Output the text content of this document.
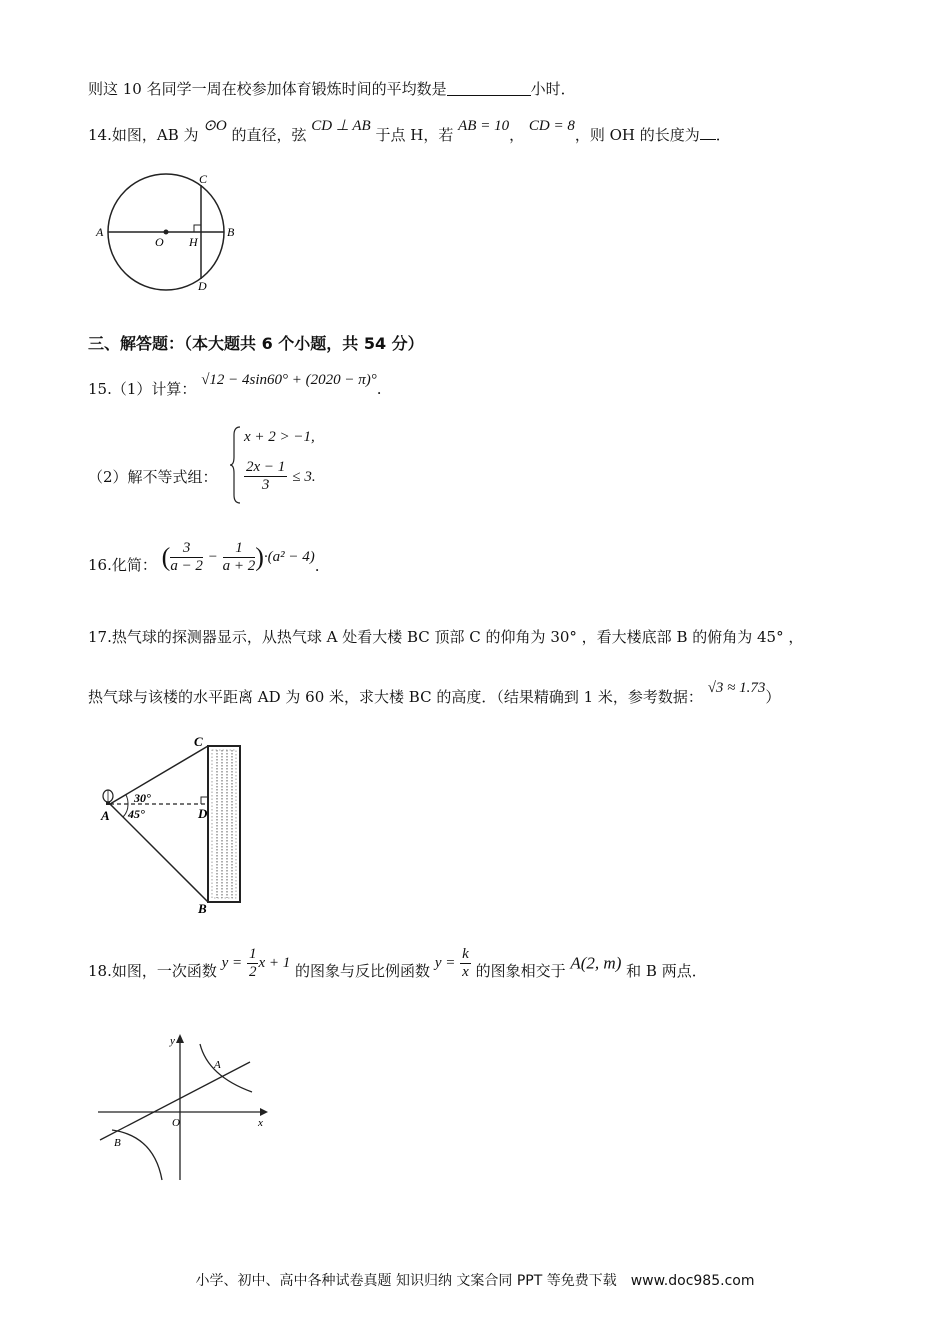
则这 10 名同学一周在校参加体育锻炼时间的平均数是	小时．
14.如图，AB 为 ⊙O 的直径，弦 CD ⊥ AB 于点 H，若 AB = 10， CD = 8，则 OH 的长度为 ．
A	B
C
D
O H
三、解答题：（本大题共 6 个小题，共 54 分）
15.（1）计算： √12 − 4sin60° + (2020 − π)°.
（2）解不等式组：
x + 2 > −1,
$\frac{2x - 1}{3} \le 3$.
16.化简： ( $\frac{3}{a - 2} - \frac{1}{a + 2} )\cdot(a^2 - 4)$.
17.热气球的探测器显示，从热气球 A 处看大楼 BC 顶部 C 的仰角为 30° ，看大楼底部 B 的俯角为 45° ，
热气球与该楼的水平距离 AD 为 60 米，求大楼 BC 的高度．（结果精确到 1 米，参考数据： √3 ≈ 1.73）
C
A	D
B
30°
45°
18.如图，一次函数 $y = \frac{1}{2}$ x + 1 的图象与反比例函数 $y = \frac{k}{x}$ 的图象相交于 A(2, m) 和 B 两点．
y
x
O
A
B
小学、初中、高中各种试卷真题 知识归纳 文案合同 PPT 等免费下载　www.doc985.com
